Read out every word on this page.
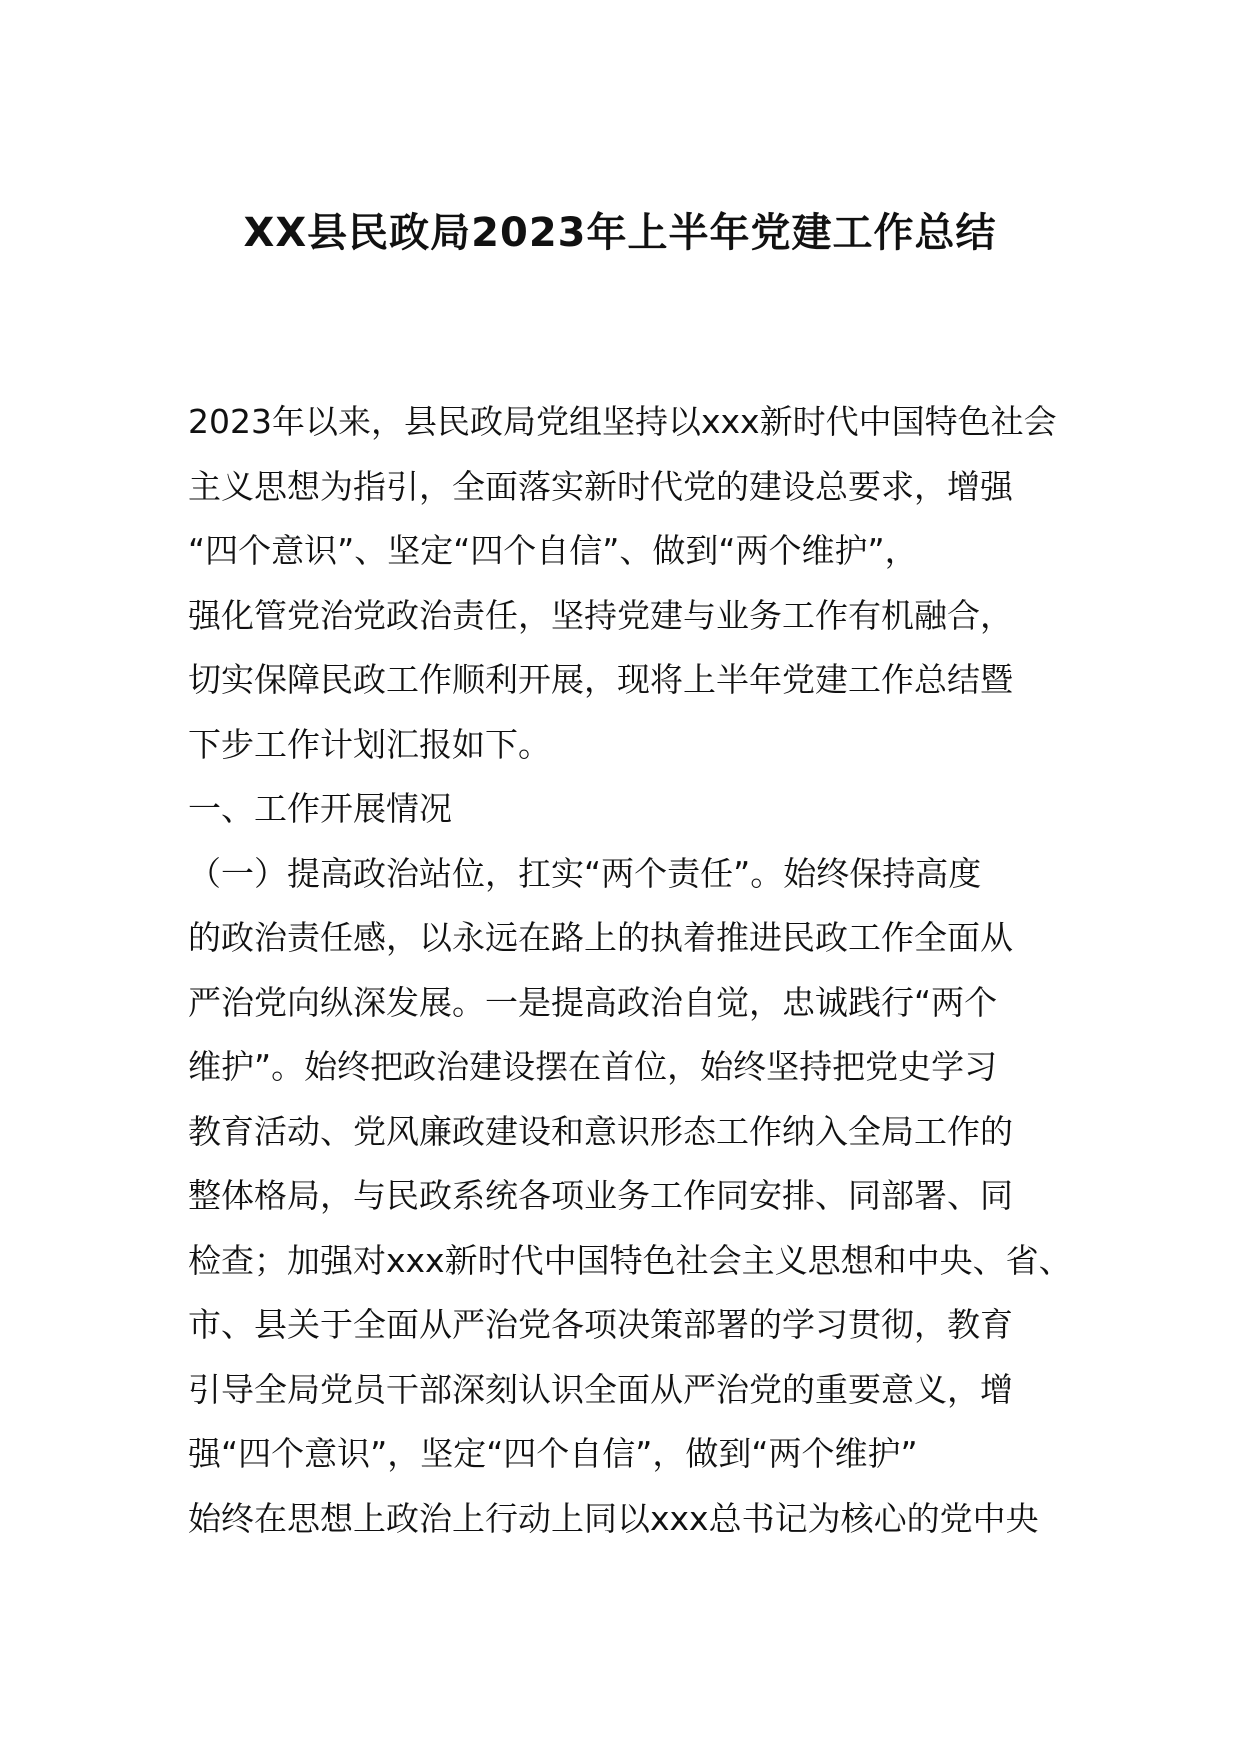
XX县民政局2023年上半年党建工作总结
2023年以来，县民政局党组坚持以xxx新时代中国特色社会
主义思想为指引，全面落实新时代党的建设总要求，增强
“四个意识”、坚定“四个自信”、做到“两个维护”，
强化管党治党政治责任，坚持党建与业务工作有机融合，
切实保障民政工作顺利开展，现将上半年党建工作总结暨
下步工作计划汇报如下。
一、工作开展情况
（一）提高政治站位，扛实“两个责任”。始终保持高度
的政治责任感，以永远在路上的执着推进民政工作全面从
严治党向纵深发展。一是提高政治自觉，忠诚践行“两个
维护”。始终把政治建设摆在首位，始终坚持把党史学习
教育活动、党风廉政建设和意识形态工作纳入全局工作的
整体格局，与民政系统各项业务工作同安排、同部署、同
检查；加强对xxx新时代中国特色社会主义思想和中央、省、
市、县关于全面从严治党各项决策部署的学习贯彻，教育
引导全局党员干部深刻认识全面从严治党的重要意义，增
强“四个意识”，坚定“四个自信”，做到“两个维护”
始终在思想上政治上行动上同以xxx总书记为核心的党中央
